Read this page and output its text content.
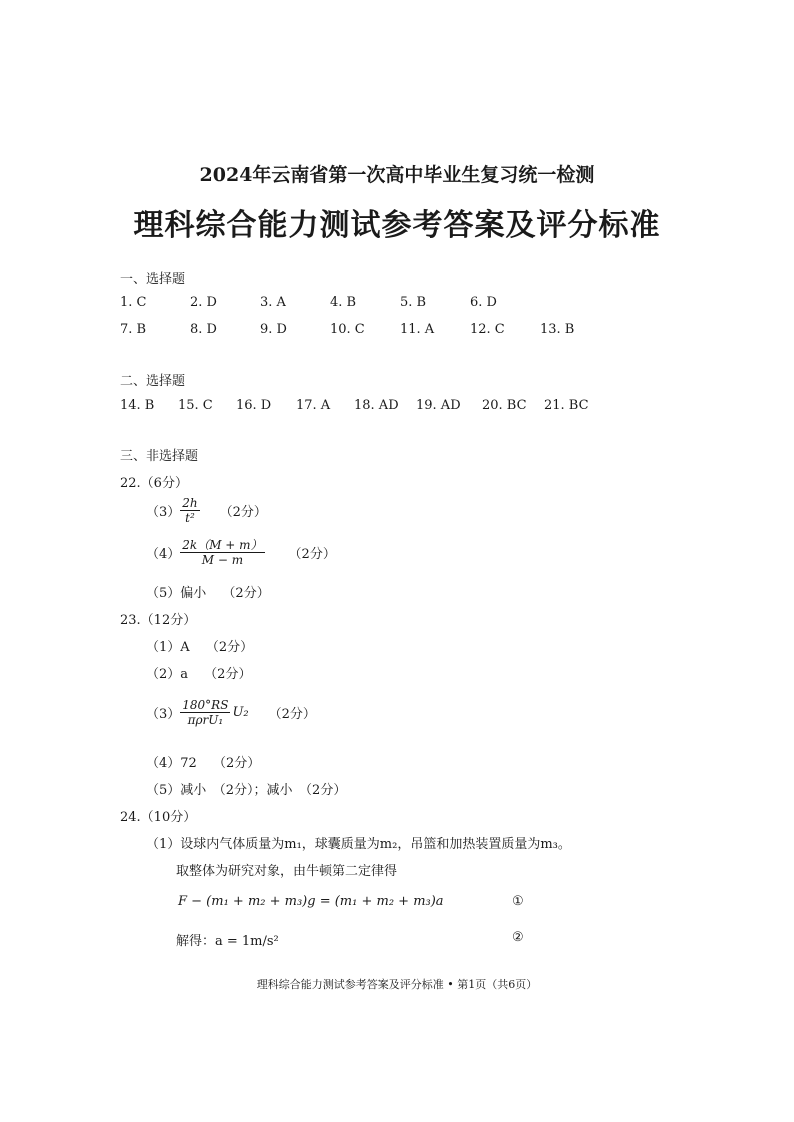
2024年云南省第一次高中毕业生复习统一检测
理科综合能力测试参考答案及评分标准
一、选择题
1. C	2. D	3. A	4. B	5. B	6. D
7. B	8. D	9. D	10. C	11. A	12. C	13. B
二、选择题
14. B 15. C 16. D 17. A 18. AD 19. AD 20. BC 21. BC
三、非选择题
22.（6分）
$(3) \frac{2h}{\text{t²}} (2$分）
$(4) \frac{2k(M + m)}{M - m} (2$分）
（5）偏小 （2分）
23.（12分）
（1）A （2分）
（2）a （2分）
$(3) \frac{180^\circ RS}{\text{πρrU₁}} U_2$ （2分）
（4）72 （2分）
（5）减小　（2分）；减小　（2分）
24.（10分）
（1）设球内气体质量为m₁，球囊质量为m₂，吊篮和加热装置质量为m₃。
取整体为研究对象，由牛顿第二定律得
F − (m₁ + m₂ + m₃)g = (m₁ + m₂ + m₃)a	①
解得：a = 1m/s²	②
理科综合能力测试参考答案及评分标准 • 第1页（共6页）
